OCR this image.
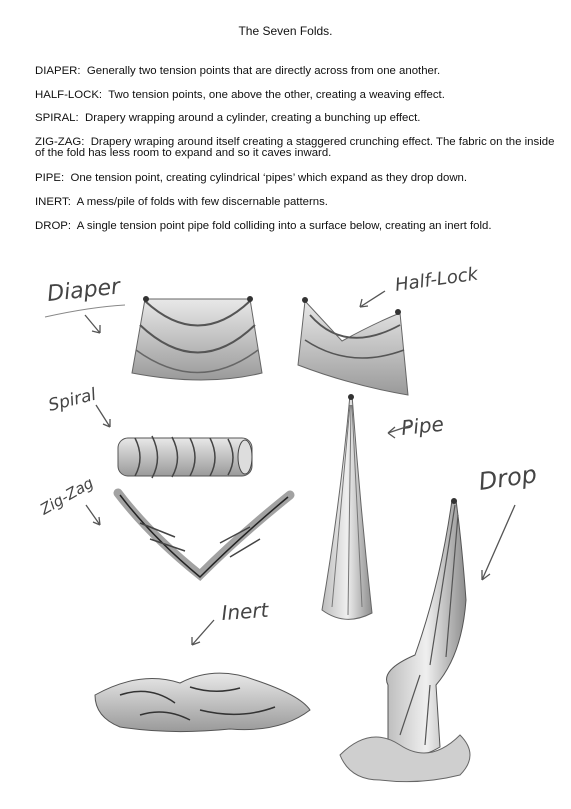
The Seven Folds.
DIAPER: Generally two tension points that are directly across from one another.
HALF-LOCK: Two tension points, one above the other, creating a weaving effect.
SPIRAL: Drapery wrapping around a cylinder, creating a bunching up effect.
ZIG-ZAG: Drapery wraping around itself creating a staggered crunching effect. The fabric on the inside of the fold has less room to expand and so it caves inward.
PIPE: One tension point, creating cylindrical ‘pipes’ which expand as they drop down.
INERT: A mess/pile of folds with few discernable patterns.
DROP: A single tension point pipe fold colliding into a surface below, creating an inert fold.
Diaper	Half-Lock
Spiral
Zig-Zag
Pipe
Drop
Inert
